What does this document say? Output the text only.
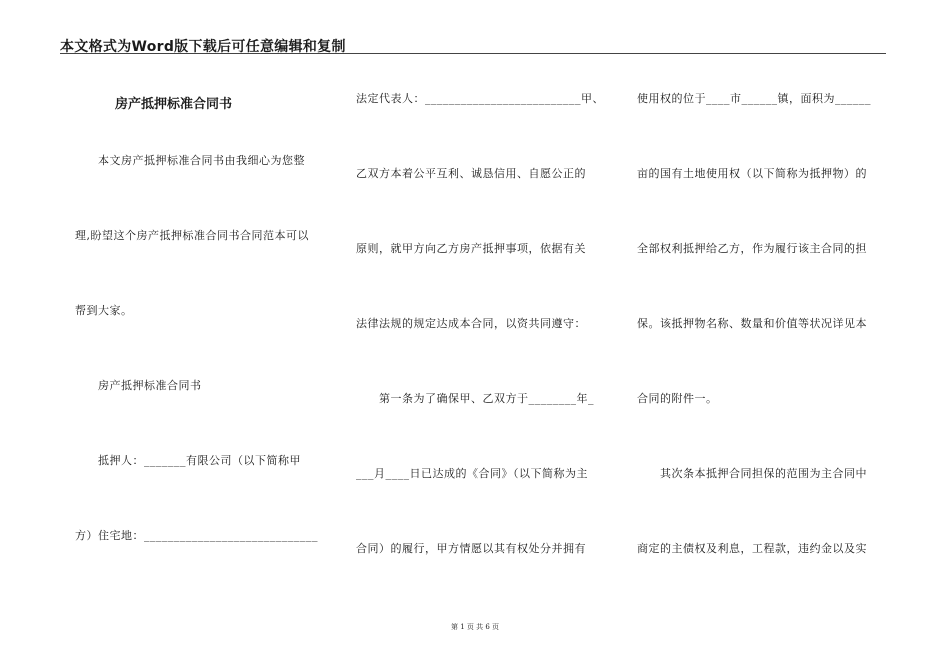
本文格式为Word版下载后可任意编辑和复制
房产抵押标准合同书
　　本文房产抵押标准合同书由我细心为您整
理,盼望这个房产抵押标准合同书合同范本可以
帮到大家。
　　房产抵押标准合同书
　　抵押人：_______有限公司（以下简称甲
方）住宅地：_____________________________
法定代表人：__________________________甲、
乙双方本着公平互利、诚恳信用、自愿公正的
原则，就甲方向乙方房产抵押事项，依据有关
法律法规的规定达成本合同，以资共同遵守：
　　第一条为了确保甲、乙双方于________年_
___月____日已达成的《合同》（以下简称为主
合同）的履行，甲方情愿以其有权处分并拥有
使用权的位于____市______镇，面积为______
亩的国有土地使用权（以下简称为抵押物）的
全部权利抵押给乙方，作为履行该主合同的担
保。该抵押物名称、数量和价值等状况详见本
合同的附件一。
　　其次条本抵押合同担保的范围为主合同中
商定的主债权及利息，工程款，违约金以及实
第 1 页 共 6 页
